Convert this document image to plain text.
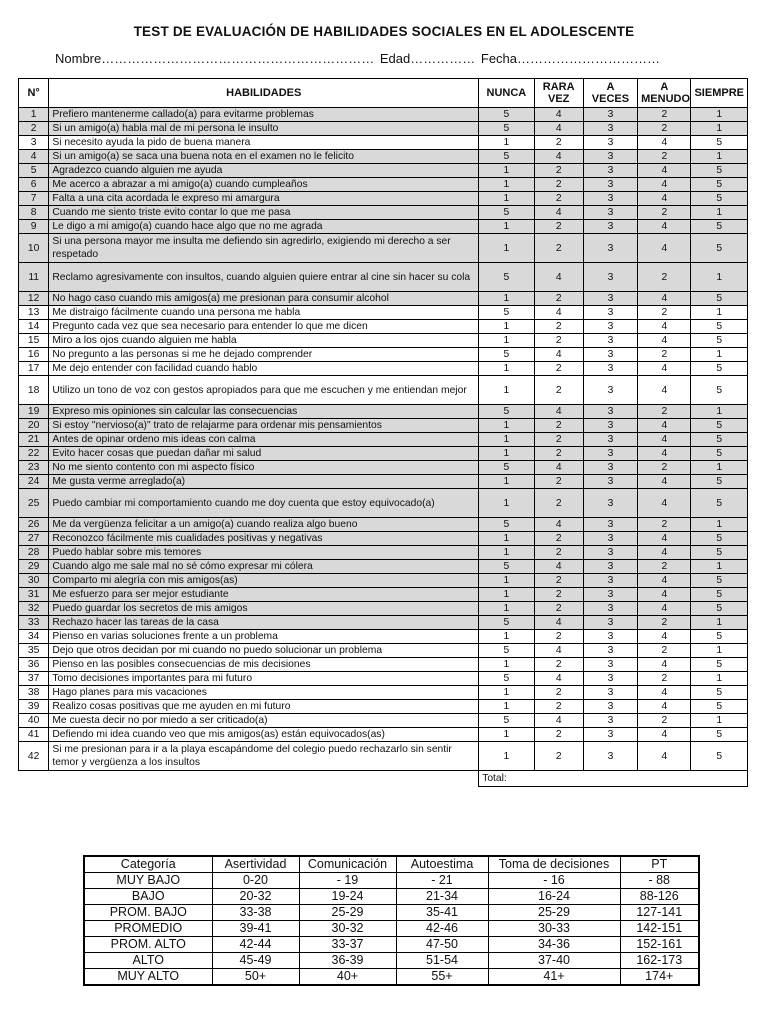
TEST DE EVALUACIÓN DE HABILIDADES SOCIALES EN EL ADOLESCENTE
Nombre……………………………………………………… Edad…………… Fecha……………………………
N°	HABILIDADES	NUNCA	RARA VEZ	A VECES	A MENUDO	SIEMPRE
1	Prefiero mantenerme callado(a) para evitarme problemas	5	4	3	2	1
2	Si un amigo(a) habla mal de mi persona le insulto	5	4	3	2	1
3	Si necesito ayuda la pido de buena manera	1	2	3	4	5
4	Si un amigo(a) se saca una buena nota en el examen no le felicito	5	4	3	2	1
5	Agradezco cuando alguien me ayuda	1	2	3	4	5
6	Me acerco a abrazar a mi amigo(a) cuando cumpleaños	1	2	3	4	5
7	Falta a una cita acordada le expreso mi amargura	1	2	3	4	5
8	Cuando me siento triste evito contar lo que me pasa	5	4	3	2	1
9	Le digo a mi amigo(a) cuando hace algo que no me agrada	1	2	3	4	5
10	Si una persona mayor me insulta me defiendo sin agredirlo, exigiendo mi derecho a ser respetado	1	2	3	4	5
11	Reclamo agresivamente con insultos, cuando alguien quiere entrar al cine sin hacer su cola	5	4	3	2	1
12	No hago caso cuando mis amigos(a) me presionan para consumir alcohol	1	2	3	4	5
13	Me distraigo fácilmente cuando una persona me habla	5	4	3	2	1
14	Pregunto cada vez que sea necesario para entender lo que me dicen	1	2	3	4	5
15	Miro a los ojos cuando alguien me habla	1	2	3	4	5
16	No pregunto a las personas si me he dejado comprender	5	4	3	2	1
17	Me dejo entender con facilidad cuando hablo	1	2	3	4	5
18	Utilizo un tono de voz con gestos apropiados para que me escuchen y me entiendan mejor	1	2	3	4	5
19	Expreso mis opiniones sin calcular las consecuencias	5	4	3	2	1
20	Si estoy "nervioso(a)" trato de relajarme para ordenar mis pensamientos	1	2	3	4	5
21	Antes de opinar ordeno mis ideas con calma	1	2	3	4	5
22	Evito hacer cosas que puedan dañar mi salud	1	2	3	4	5
23	No me siento contento con mi aspecto físico	5	4	3	2	1
24	Me gusta verme arreglado(a)	1	2	3	4	5
25	Puedo cambiar mi comportamiento cuando me doy cuenta que estoy equivocado(a)	1	2	3	4	5
26	Me da vergüenza felicitar a un amigo(a) cuando realiza algo bueno	5	4	3	2	1
27	Reconozco fácilmente mis cualidades positivas y negativas	1	2	3	4	5
28	Puedo hablar sobre mis temores	1	2	3	4	5
29	Cuando algo me sale mal no sé cómo expresar mi cólera	5	4	3	2	1
30	Comparto mi alegría con mis amigos(as)	1	2	3	4	5
31	Me esfuerzo para ser mejor estudiante	1	2	3	4	5
32	Puedo guardar los secretos de mis amigos	1	2	3	4	5
33	Rechazo hacer las tareas de la casa	5	4	3	2	1
34	Pienso en varias soluciones frente a un problema	1	2	3	4	5
35	Dejo que otros decidan por mi cuando no puedo solucionar un problema	5	4	3	2	1
36	Pienso en las posibles consecuencias de mis decisiones	1	2	3	4	5
37	Tomo decisiones importantes para mi futuro	5	4	3	2	1
38	Hago planes para mis vacaciones	1	2	3	4	5
39	Realizo cosas positivas que me ayuden en mi futuro	1	2	3	4	5
40	Me cuesta decir no por miedo a ser criticado(a)	5	4	3	2	1
41	Defiendo mi idea cuando veo que mis amigos(as) están equivocados(as)	1	2	3	4	5
42	Si me presionan para ir a la playa escapándome del colegio puedo rechazarlo sin sentir temor y vergüenza a los insultos	1	2	3	4	5
		Total:				
Categoría	Asertividad	Comunicación	Autoestima	Toma de decisiones	PT
MUY BAJO	0-20	- 19	- 21	- 16	- 88
BAJO	20-32	19-24	21-34	16-24	88-126
PROM. BAJO	33-38	25-29	35-41	25-29	127-141
PROMEDIO	39-41	30-32	42-46	30-33	142-151
PROM. ALTO	42-44	33-37	47-50	34-36	152-161
ALTO	45-49	36-39	51-54	37-40	162-173
MUY ALTO	50+	40+	55+	41+	174+
